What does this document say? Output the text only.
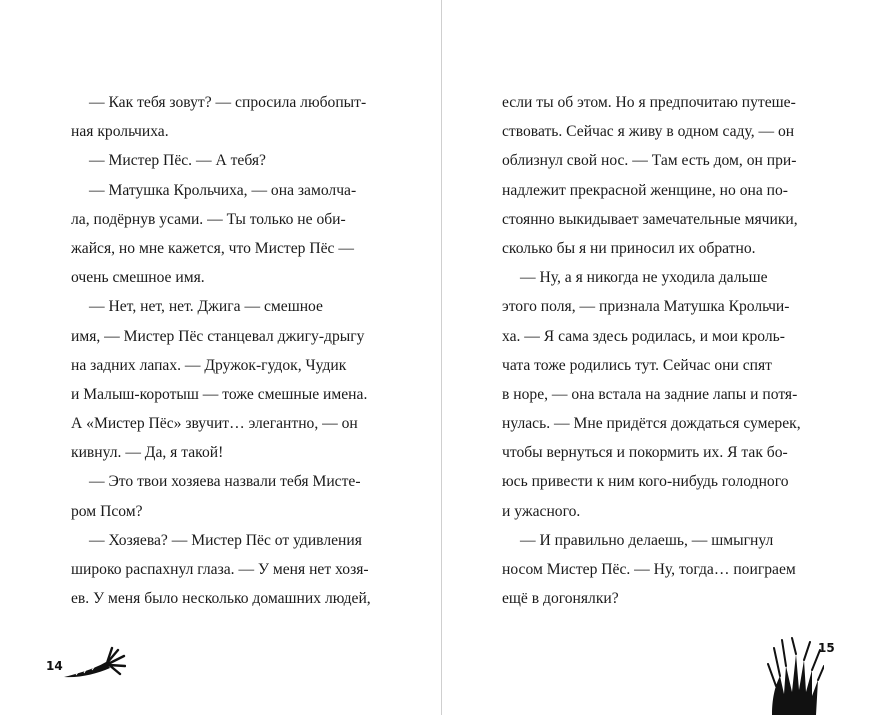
— Как тебя зовут? — спросила любопыт-
ная крольчиха.
— Мистер Пёс. — А тебя?
— Матушка Крольчиха, — она замолча-
ла, подёрнув усами. — Ты только не оби-
жайся, но мне кажется, что Мистер Пёс —
очень смешное имя.
— Нет, нет, нет. Джига — смешное
имя, — Мистер Пёс станцевал джигу-дрыгу
на задних лапах. — Дружок-гудок, Чудик
и Малыш-коротыш — тоже смешные имена.
А «Мистер Пёс» звучит… элегантно, — он
кивнул. — Да, я такой!
— Это твои хозяева назвали тебя Мисте-
ром Псом?
— Хозяева? — Мистер Пёс от удивления
широко распахнул глаза. — У меня нет хозя-
ев. У меня было несколько домашних людей,
если ты об этом. Но я предпочитаю путеше-
ствовать. Сейчас я живу в одном саду, — он
облизнул свой нос. — Там есть дом, он при-
надлежит прекрасной женщине, но она по-
стоянно выкидывает замечательные мячики,
сколько бы я ни приносил их обратно.
— Ну, а я никогда не уходила дальше
этого поля, — признала Матушка Крольчи-
ха. — Я сама здесь родилась, и мои кроль-
чата тоже родились тут. Сейчас они спят
в норе, — она встала на задние лапы и потя-
нулась. — Мне придётся дождаться сумерек,
чтобы вернуться и покормить их. Я так бо-
юсь привести к ним кого-нибудь голодного
и ужасного.
— И правильно делаешь, — шмыгнул
носом Мистер Пёс. — Ну, тогда… поиграем
ещё в догонялки?
14
15
